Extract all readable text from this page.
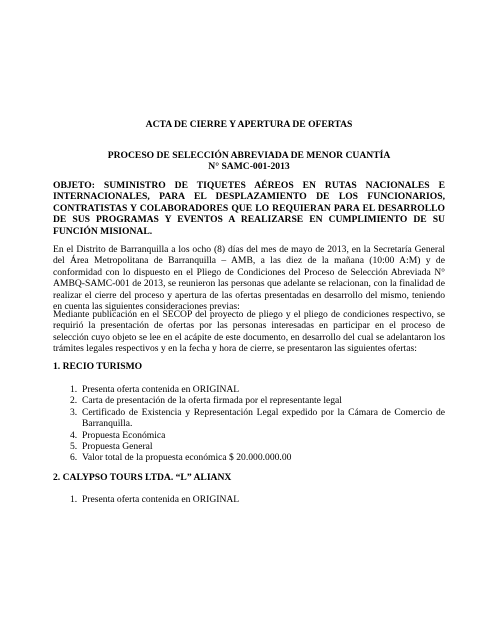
ACTA DE CIERRE Y APERTURA DE OFERTAS
PROCESO DE SELECCIÓN ABREVIADA DE MENOR CUANTÍA
N° SAMC-001-2013
OBJETO: SUMINISTRO DE TIQUETES AÉREOS EN RUTAS NACIONALES E INTERNACIONALES, PARA EL DESPLAZAMIENTO DE LOS FUNCIONARIOS, CONTRATISTAS Y COLABORADORES QUE LO REQUIERAN PARA EL DESARROLLO DE SUS PROGRAMAS Y EVENTOS A REALIZARSE EN CUMPLIMIENTO DE SU FUNCIÓN MISIONAL.
En el Distrito de Barranquilla a los ocho (8) días del mes de mayo de 2013, en la Secretaría General del Área Metropolitana de Barranquilla – AMB, a las diez de la mañana (10:00 A:M) y de conformidad con lo dispuesto en el Pliego de Condiciones del Proceso de Selección Abreviada N° AMBQ-SAMC-001 de 2013, se reunieron las personas que adelante se relacionan, con la finalidad de realizar el cierre del proceso y apertura de las ofertas presentadas en desarrollo del mismo, teniendo en cuenta las siguientes consideraciones previas:
Mediante publicación en el SECOP del proyecto de pliego y el pliego de condiciones respectivo, se requirió la presentación de ofertas por las personas interesadas en participar en el proceso de selección cuyo objeto se lee en el acápite de este documento, en desarrollo del cual se adelantaron los trámites legales respectivos y en la fecha y hora de cierre, se presentaron las siguientes ofertas:
1. RECIO TURISMO
1. Presenta oferta contenida en ORIGINAL
2. Carta de presentación de la oferta firmada por el representante legal
3. Certificado de Existencia y Representación Legal expedido por la Cámara de Comercio de Barranquilla.
4. Propuesta Económica
5. Propuesta General
6. Valor total de la propuesta económica $ 20.000.000.00
2. CALYPSO TOURS LTDA. “L” ALIANX
1. Presenta oferta contenida en ORIGINAL
